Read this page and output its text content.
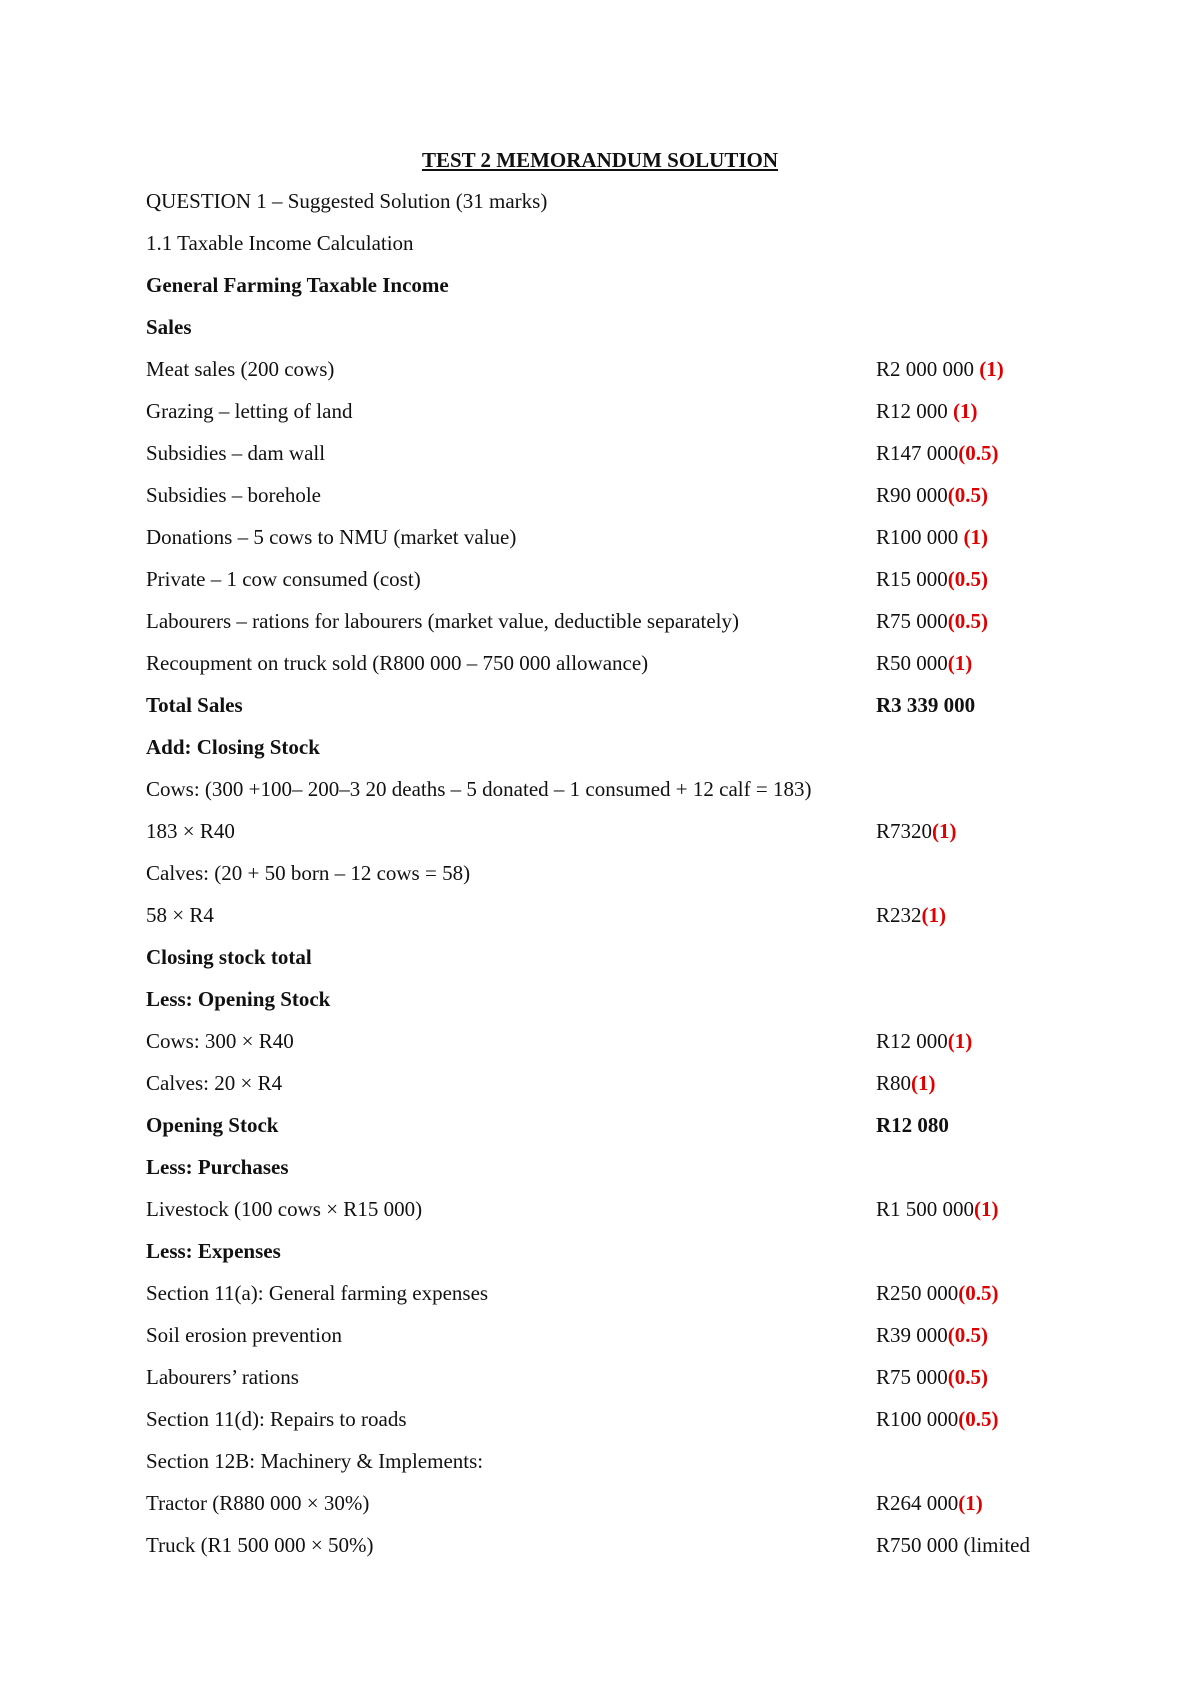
TEST 2 MEMORANDUM SOLUTION
QUESTION 1 – Suggested Solution (31 marks)
1.1 Taxable Income Calculation
General Farming Taxable Income
Sales
Meat sales (200 cows)	R2 000 000 (1)
Grazing – letting of land	R12 000 (1)
Subsidies – dam wall	R147 000(0.5)
Subsidies – borehole	R90 000(0.5)
Donations – 5 cows to NMU (market value)	R100 000 (1)
Private – 1 cow consumed (cost)	R15 000(0.5)
Labourers – rations for labourers (market value, deductible separately)	R75 000(0.5)
Recoupment on truck sold (R800 000 – 750 000 allowance)	R50 000(1)
Total Sales	R3 339 000
Add: Closing Stock
Cows: (300 +100– 200–3 20 deaths – 5 donated – 1 consumed + 12 calf = 183)
183 × R40	R7320(1)
Calves: (20 + 50 born – 12 cows = 58)
58 × R4	R232(1)
Closing stock total
Less: Opening Stock
Cows: 300 × R40	R12 000(1)
Calves: 20 × R4	R80(1)
Opening Stock	R12 080
Less: Purchases
Livestock (100 cows × R15 000)	R1 500 000(1)
Less: Expenses
Section 11(a): General farming expenses	R250 000(0.5)
Soil erosion prevention	R39 000(0.5)
Labourers’ rations	R75 000(0.5)
Section 11(d): Repairs to roads	R100 000(0.5)
Section 12B: Machinery & Implements:
Tractor (R880 000 × 30%)	R264 000(1)
Truck (R1 500 000 × 50%)	R750 000 (limited
